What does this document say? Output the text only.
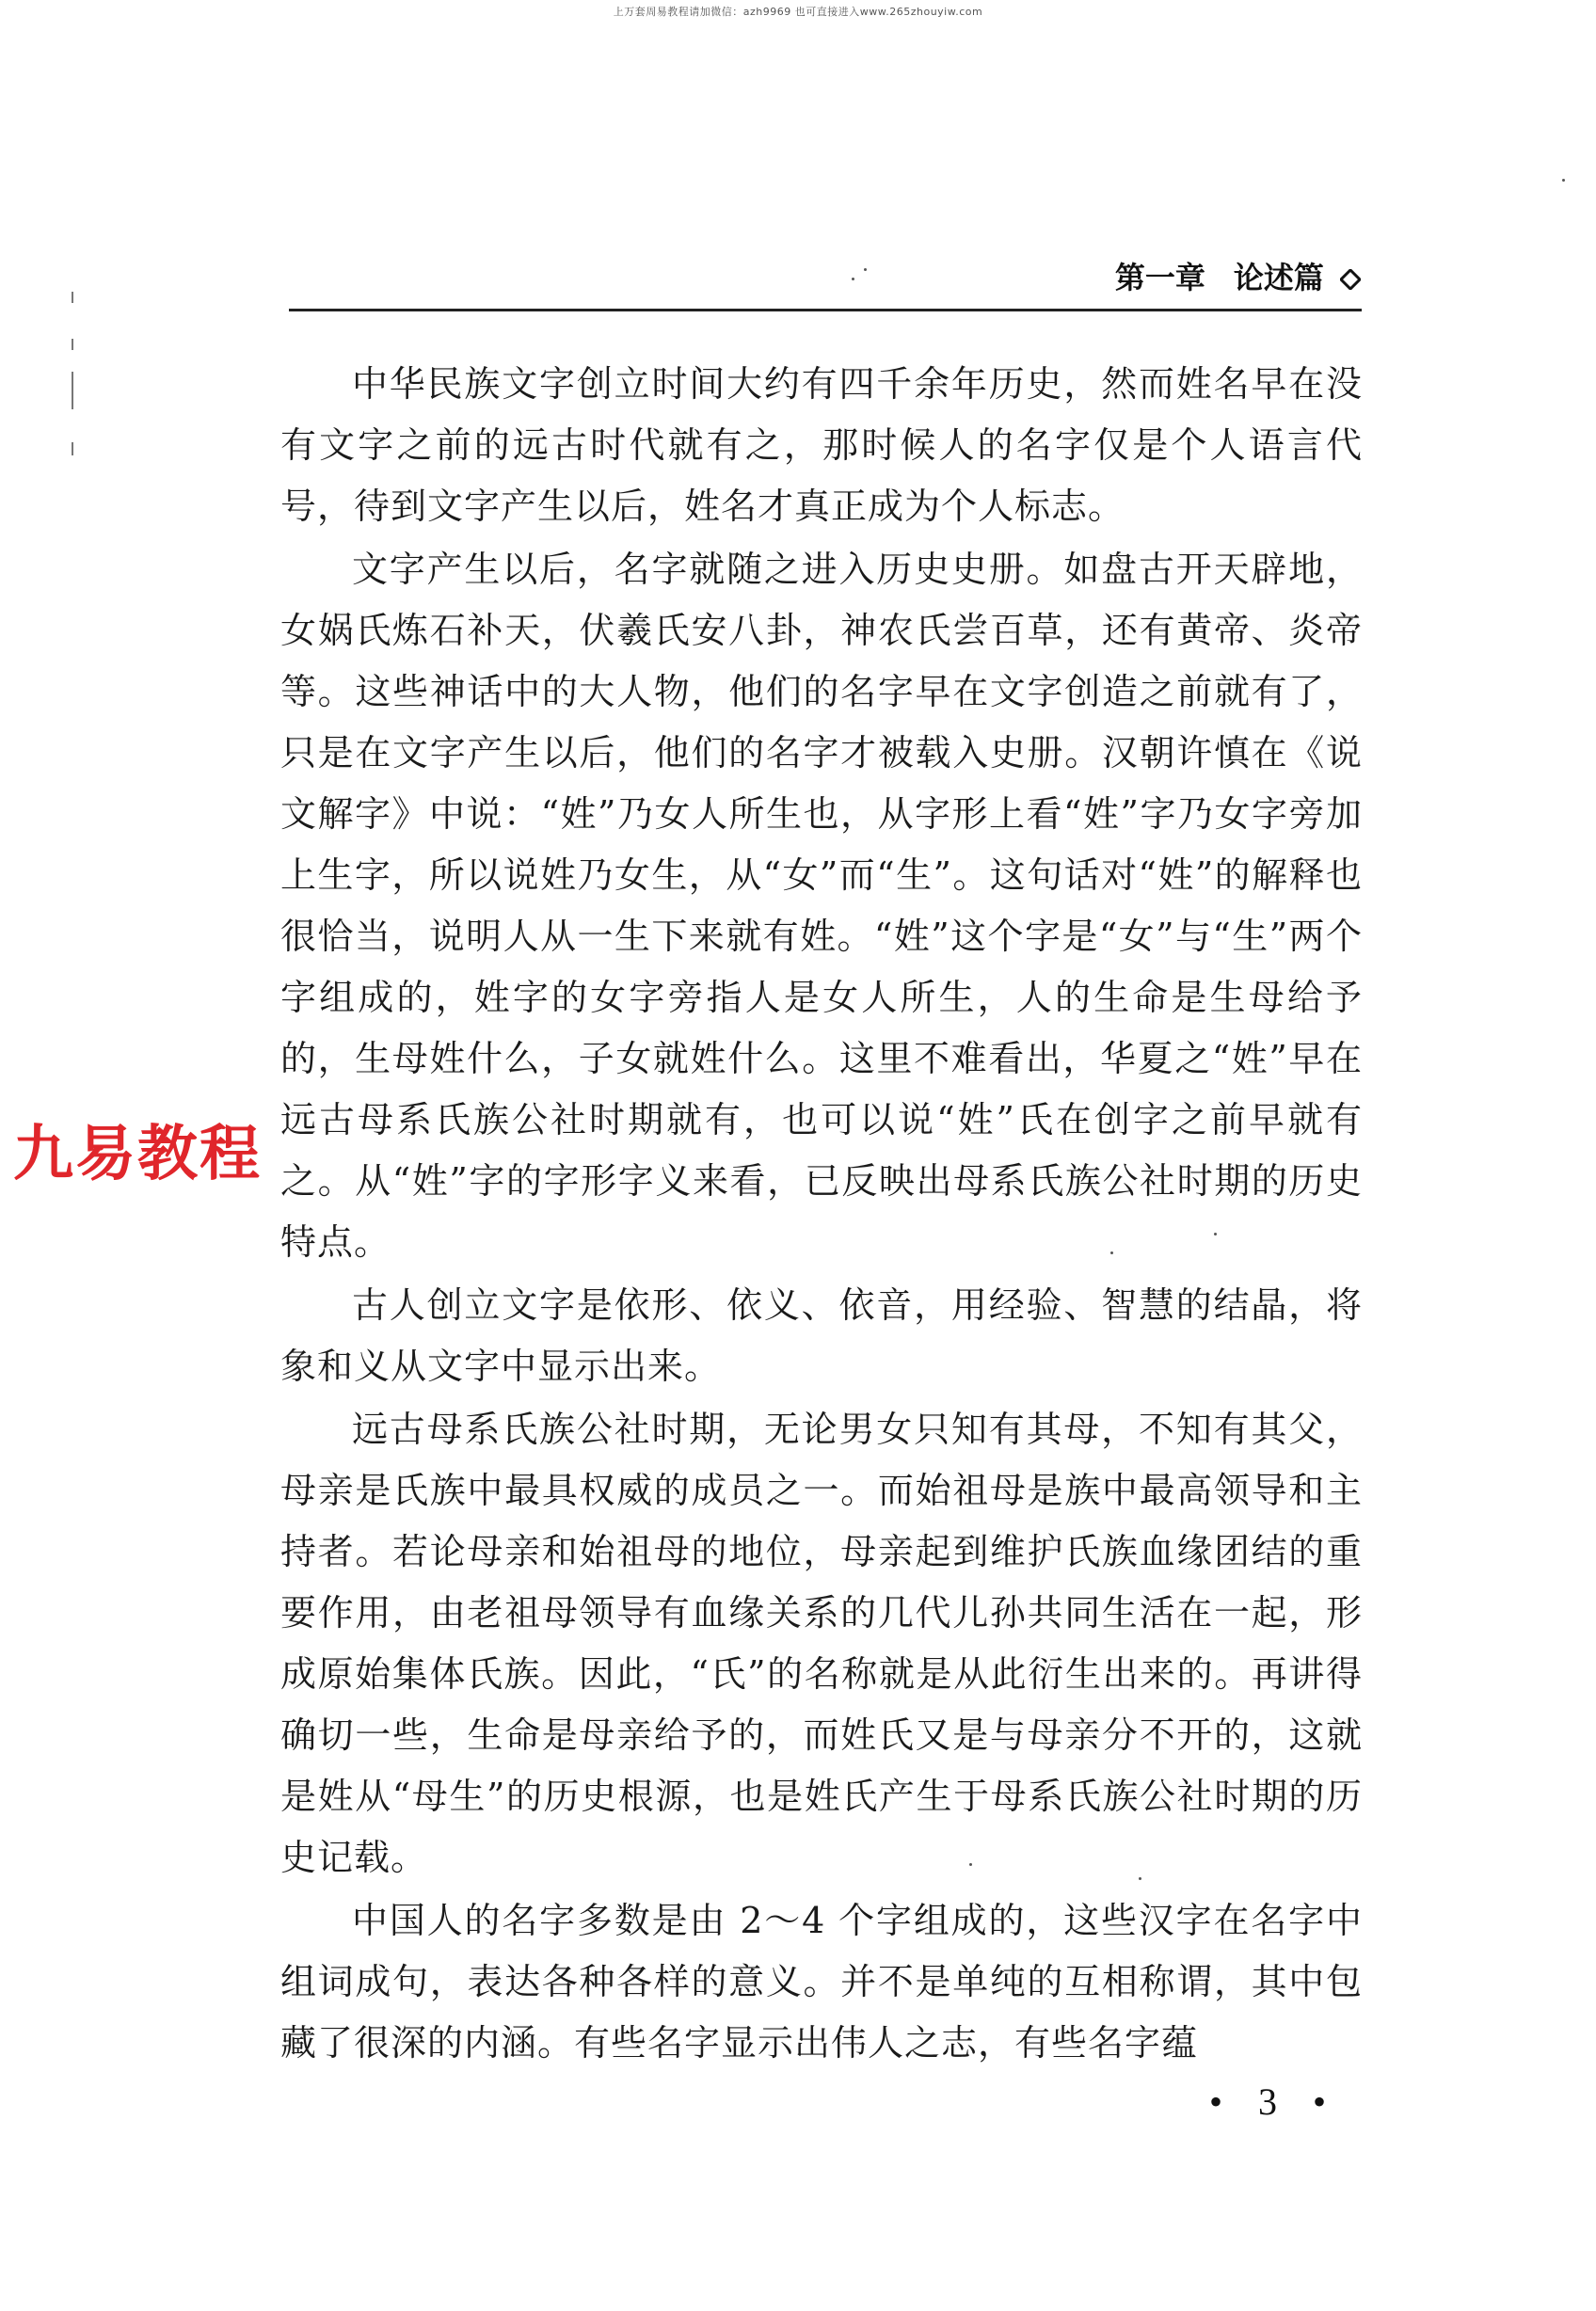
上万套周易教程请加微信：azh9969 也可直接进入www.265zhouyiw.com
第一章 论述篇

中华民族文字创立时间大约有四千余年历史，然而姓名早在没有文字之前的远古时代就有之，那时候人的名字仅是个人语言代号，待到文字产生以后，姓名才真正成为个人标志。

文字产生以后，名字就随之进入历史史册。如盘古开天辟地，女娲氏炼石补天，伏羲氏安八卦，神农氏尝百草，还有黄帝、炎帝等。这些神话中的大人物，他们的名字早在文字创造之前就有了，只是在文字产生以后，他们的名字才被载入史册。汉朝许慎在《说文解字》中说：“姓”乃女人所生也，从字形上看“姓”字乃女字旁加上生字，所以说姓乃女生，从“女”而“生”。这句话对“姓”的解释也很恰当，说明人从一生下来就有姓。“姓”这个字是“女”与“生”两个字组成的，姓字的女字旁指人是女人所生，人的生命是生母给予的，生母姓什么，子女就姓什么。这里不难看出，华夏之“姓”早在远古母系氏族公社时期就有，也可以说“姓”氏在创字之前早就有之。从“姓”字的字形字义来看，已反映出母系氏族公社时期的历史特点。

古人创立文字是依形、依义、依音，用经验、智慧的结晶，将象和义从文字中显示出来。

远古母系氏族公社时期，无论男女只知有其母，不知有其父，母亲是氏族中最具权威的成员之一。而始祖母是族中最高领导和主持者。若论母亲和始祖母的地位，母亲起到维护氏族血缘团结的重要作用，由老祖母领导有血缘关系的几代儿孙共同生活在一起，形成原始集体氏族。因此，“氏”的名称就是从此衍生出来的。再讲得确切一些，生命是母亲给予的，而姓氏又是与母亲分不开的，这就是姓从“母生”的历史根源，也是姓氏产生于母系氏族公社时期的历史记载。

中国人的名字多数是由 2～4 个字组成的，这些汉字在名字中组词成句，表达各种各样的意义。并不是单纯的互相称谓，其中包藏了很深的内涵。有些名字显示出伟人之志，有些名字蕴

• 3 •
九易教程
